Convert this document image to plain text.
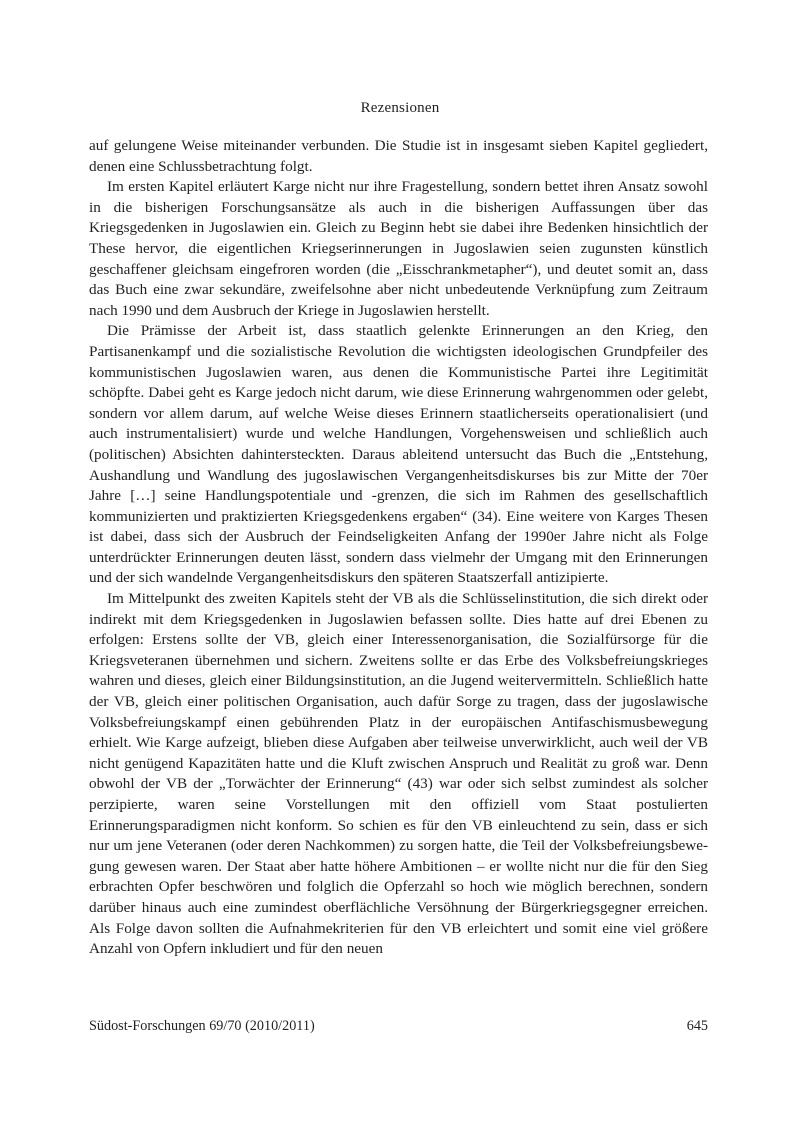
Rezensionen

auf gelungene Weise miteinander verbunden. Die Studie ist in insgesamt sieben Kapitel gegliedert, denen eine Schlussbetrachtung folgt.

Im ersten Kapitel erläutert Karge nicht nur ihre Fragestellung, sondern bettet ihren Ansatz sowohl in die bisherigen Forschungsansätze als auch in die bisherigen Auffassungen über das Kriegsgedenken in Jugoslawien ein. Gleich zu Beginn hebt sie dabei ihre Bedenken hinsichtlich der These hervor, die eigentlichen Kriegserinnerungen in Jugoslawien seien zugunsten künstlich geschaffener gleichsam eingefroren worden (die „Eisschrankmetapher“), und deutet somit an, dass das Buch eine zwar sekundäre, zweifelsohne aber nicht unbedeutende Verknüpfung zum Zeitraum nach 1990 und dem Ausbruch der Kriege in Jugoslawien herstellt.

Die Prämisse der Arbeit ist, dass staatlich gelenkte Erinnerungen an den Krieg, den Partisanenkampf und die sozialistische Revolution die wichtigsten ideologischen Grundpfeiler des kommunistischen Jugoslawien waren, aus denen die Kommunistische Partei ihre Legitimität schöpfte. Dabei geht es Karge jedoch nicht darum, wie diese Erinnerung wahrgenommen oder gelebt, sondern vor allem darum, auf welche Weise dieses Erinnern staatlicherseits operationalisiert (und auch instrumentalisiert) wurde und welche Handlungen, Vorgehensweisen und schließlich auch (politischen) Absichten dahintersteckten. Daraus ableitend untersucht das Buch die „Entstehung, Aushandlung und Wandlung des jugoslawischen Vergangenheitsdiskurses bis zur Mitte der 70er Jahre […] seine Handlungspotentiale und -grenzen, die sich im Rahmen des gesellschaftlich kommunizierten und praktizierten Kriegsgedenkens ergaben“ (34). Eine weitere von Karges Thesen ist dabei, dass sich der Ausbruch der Feindseligkeiten Anfang der 1990er Jahre nicht als Folge unterdrückter Erinnerungen deuten lässt, sondern dass vielmehr der Umgang mit den Erinnerungen und der sich wandelnde Vergangenheitsdiskurs den späteren Staatszerfall antizipierte.

Im Mittelpunkt des zweiten Kapitels steht der VB als die Schlüsselinstitution, die sich direkt oder indirekt mit dem Kriegsgedenken in Jugoslawien befassen sollte. Dies hatte auf drei Ebenen zu erfolgen: Erstens sollte der VB, gleich einer Interessenorganisation, die Sozialfürsorge für die Kriegsveteranen übernehmen und sichern. Zweitens sollte er das Erbe des Volksbefreiungskrieges wahren und dieses, gleich einer Bildungsinstitution, an die Jugend weitervermitteln. Schließlich hatte der VB, gleich einer politischen Organisation, auch dafür Sorge zu tragen, dass der jugoslawische Volksbefreiungskampf einen gebührenden Platz in der europäischen Antifaschismusbewegung erhielt. Wie Karge aufzeigt, blieben diese Aufgaben aber teilweise unverwirklicht, auch weil der VB nicht genügend Kapazitäten hatte und die Kluft zwischen Anspruch und Realität zu groß war. Denn obwohl der VB der „Torwächter der Erinnerung“ (43) war oder sich selbst zumindest als solcher perzipierte, waren seine Vorstellungen mit den offiziell vom Staat postulierten Erinnerungsparadigmen nicht konform. So schien es für den VB einleuchtend zu sein, dass er sich nur um jene Veteranen (oder deren Nachkommen) zu sorgen hatte, die Teil der Volksbefreiungsbewegung gewesen waren. Der Staat aber hatte höhere Ambitionen – er wollte nicht nur die für den Sieg erbrachten Opfer beschwören und folglich die Opferzahl so hoch wie möglich berechnen, sondern darüber hinaus auch eine zumindest oberflächliche Versöhnung der Bürgerkriegsgegner erreichen. Als Folge davon sollten die Aufnahmekriterien für den VB erleichtert und somit eine viel größere Anzahl von Opfern inkludiert und für den neuen

Südost-Forschungen 69/70 (2010/2011)	645
